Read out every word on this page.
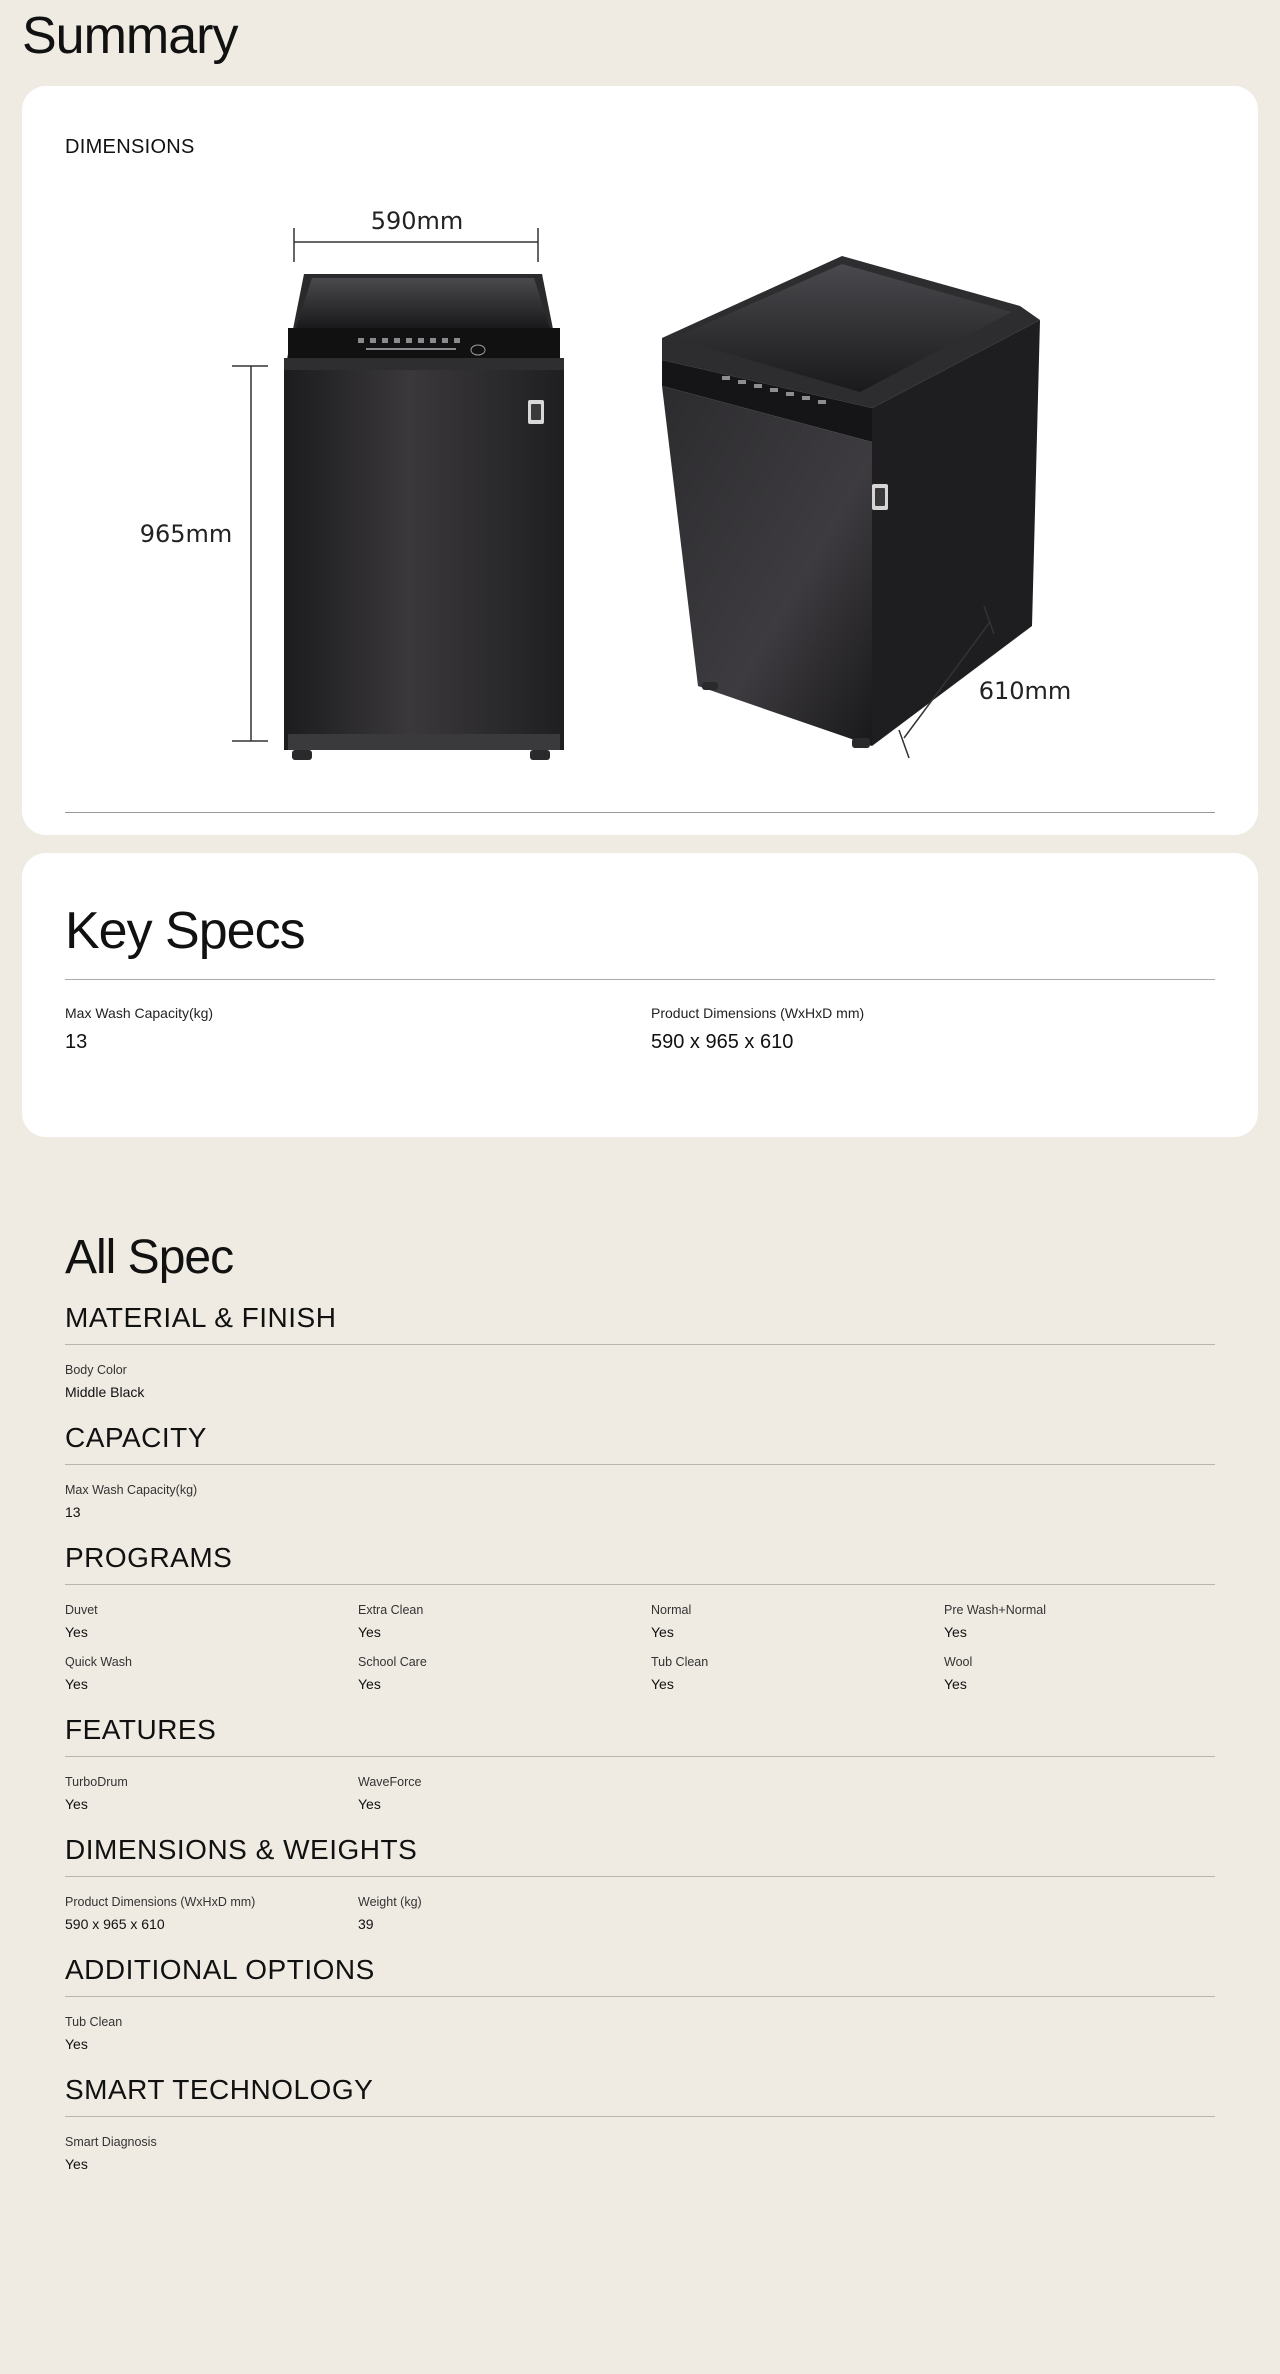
Summary
DIMENSIONS
590mm
965mm
610mm
Key Specs
Max Wash Capacity(kg)
13
Product Dimensions (WxHxD mm)
590 x 965 x 610
All Spec
MATERIAL & FINISH
Body Color
Middle Black
CAPACITY
Max Wash Capacity(kg)
13
PROGRAMS
Duvet
Yes
Extra Clean
Yes
Normal
Yes
Pre Wash+Normal
Yes
Quick Wash
Yes
School Care
Yes
Tub Clean
Yes
Wool
Yes
FEATURES
TurboDrum
Yes
WaveForce
Yes
DIMENSIONS & WEIGHTS
Product Dimensions (WxHxD mm)
590 x 965 x 610
Weight (kg)
39
ADDITIONAL OPTIONS
Tub Clean
Yes
SMART TECHNOLOGY
Smart Diagnosis
Yes
